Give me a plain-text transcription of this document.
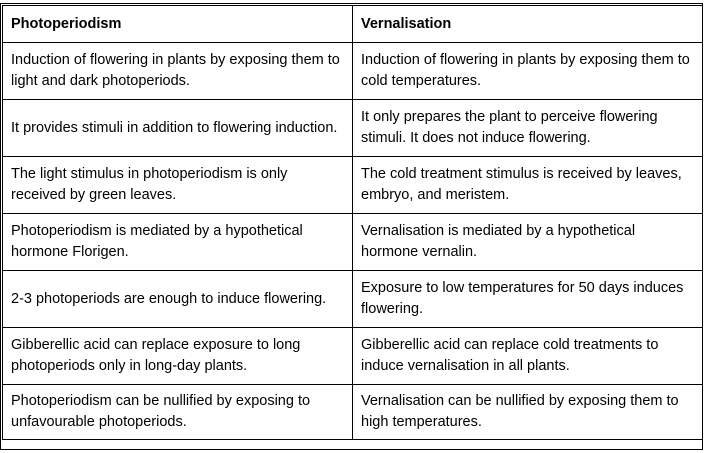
Photoperiodism	Vernalisation
Induction of flowering in plants by exposing them to light and dark photoperiods.	Induction of flowering in plants by exposing them to cold temperatures.
It provides stimuli in addition to flowering induction.	It only prepares the plant to perceive flowering stimuli. It does not induce flowering.
The light stimulus in photoperiodism is only received by green leaves.	The cold treatment stimulus is received by leaves, embryo, and meristem.
Photoperiodism is mediated by a hypothetical hormone Florigen.	Vernalisation is mediated by a hypothetical hormone vernalin.
2-3 photoperiods are enough to induce flowering.	Exposure to low temperatures for 50 days induces flowering.
Gibberellic acid can replace exposure to long photoperiods only in long-day plants.	Gibberellic acid can replace cold treatments to induce vernalisation in all plants.
Photoperiodism can be nullified by exposing to unfavourable photoperiods.	Vernalisation can be nullified by exposing them to high temperatures.
